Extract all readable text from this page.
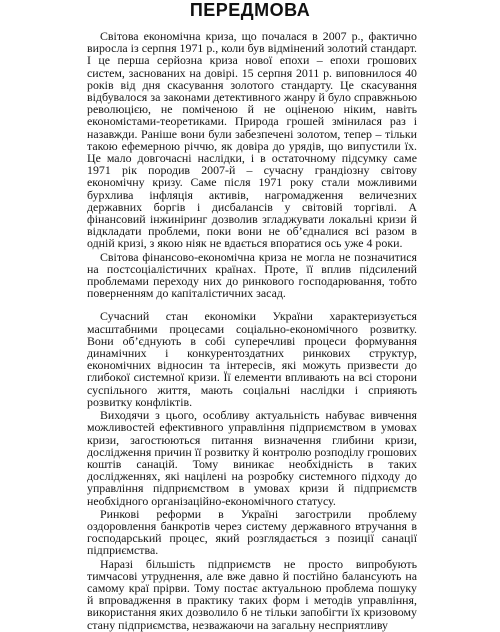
ПЕРЕДМОВА

Світова економічна криза, що почалася в 2007 р., фактично виросла із серпня 1971 р., коли був відмінений золотий стандарт. І це перша серйозна криза нової епохи – епохи грошових систем, заснованих на довірі. 15 серпня 2011 р. виповнилося 40 років від дня скасування золотого стандарту. Це скасування відбувалося за законами детективного жанру й було справжньою революцією, не поміченою й не оціненою ніким, навіть економістами-теоретиками. Природа грошей змінилася раз і назавжди. Раніше вони були забезпечені золотом, тепер – тільки такою ефемерною річчю, як довіра до урядів, що випустили їх. Це мало довгочасні наслідки, і в остаточному підсумку саме 1971 рік породив 2007-й – сучасну грандіозну світову економічну кризу. Саме після 1971 року стали можливими бурхлива інфляція активів, нагромадження величезних державних боргів і дисбалансів у світовій торгівлі. А фінансовий інжиніринг дозволив згладжувати локальні кризи й відкладати проблеми, поки вони не об’єдналися всі разом в одній кризі, з якою ніяк не вдається впоратися ось уже 4 роки.

Світова фінансово-економічна криза не могла не позначитися на постсоціалістичних країнах. Проте, її вплив підсилений проблемами переходу них до ринкового господарювання, тобто поверненням до капіталістичних засад.

Сучасний стан економіки України характеризується масштабними процесами соціально-економічного розвитку. Вони об’єднують в собі суперечливі процеси формування динамічних і конкурентоздатних ринкових структур, економічних відносин та інтересів, які можуть призвести до глибокої системної кризи. Її елементи впливають на всі сторони суспільного життя, мають соціальні наслідки і сприяють розвитку конфліктів.

Виходячи з цього, особливу актуальність набуває вивчення можливостей ефективного управління підприємством в умовах кризи, загостюються питання визначення глибини кризи, дослідження причин її розвитку й контролю розподілу грошових коштів санацій. Тому виникає необхідність в таких дослідженнях, які націлені на розробку системного підходу до управління підприємством в умовах кризи й підприємств необхідного організаційно-економічного статусу.

Ринкові реформи в Україні загострили проблему оздоровлення банкротів через систему державного втручання в господарський процес, який розглядається з позиції санації підприємства.

Наразі більшість підприємств не просто випробують тимчасові утруднення, але вже давно й постійно балансують на самому краї прірви. Тому постає актуальною проблема пошуку й впровадження в практику таких форм і методів управління, використання яких дозволило б не тільки запобігти їх кризовому стану підприємства, незважаючи на загальну несприятливу
